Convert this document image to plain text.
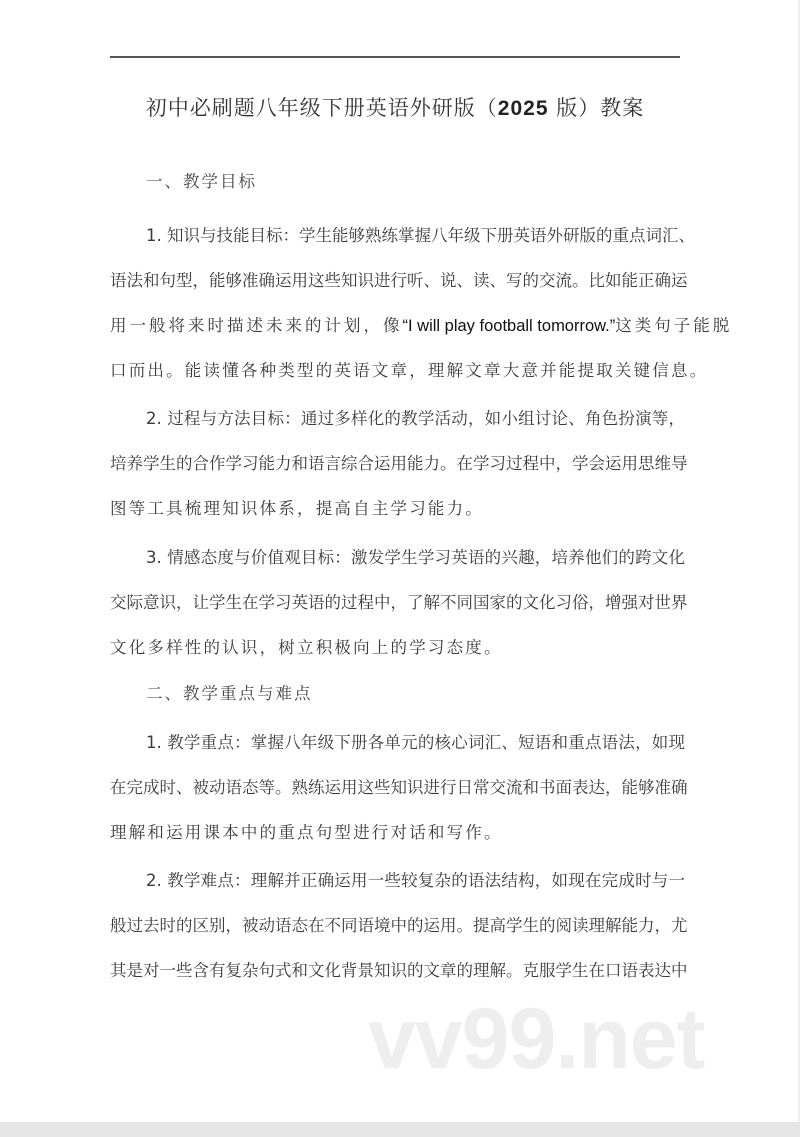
初中必刷题八年级下册英语外研版（2025 版）教案
一、教学目标
1. 知识与技能目标：学生能够熟练掌握八年级下册英语外研版的重点词汇、
语法和句型，能够准确运用这些知识进行听、说、读、写的交流。比如能正确运
用一般将来时描述未来的计划，像 “I will play football tomorrow.” 这类句子能脱
口而出。能读懂各种类型的英语文章，理解文章大意并能提取关键信息。
2. 过程与方法目标：通过多样化的教学活动，如小组讨论、角色扮演等，
培养学生的合作学习能力和语言综合运用能力。在学习过程中，学会运用思维导
图等工具梳理知识体系，提高自主学习能力。
3. 情感态度与价值观目标：激发学生学习英语的兴趣，培养他们的跨文化
交际意识，让学生在学习英语的过程中，了解不同国家的文化习俗，增强对世界
文化多样性的认识，树立积极向上的学习态度。
二、教学重点与难点
1. 教学重点：掌握八年级下册各单元的核心词汇、短语和重点语法，如现
在完成时、被动语态等。熟练运用这些知识进行日常交流和书面表达，能够准确
理解和运用课本中的重点句型进行对话和写作。
2. 教学难点：理解并正确运用一些较复杂的语法结构，如现在完成时与一
般过去时的区别，被动语态在不同语境中的运用。提高学生的阅读理解能力，尤
其是对一些含有复杂句式和文化背景知识的文章的理解。克服学生在口语表达中
vv99.net
